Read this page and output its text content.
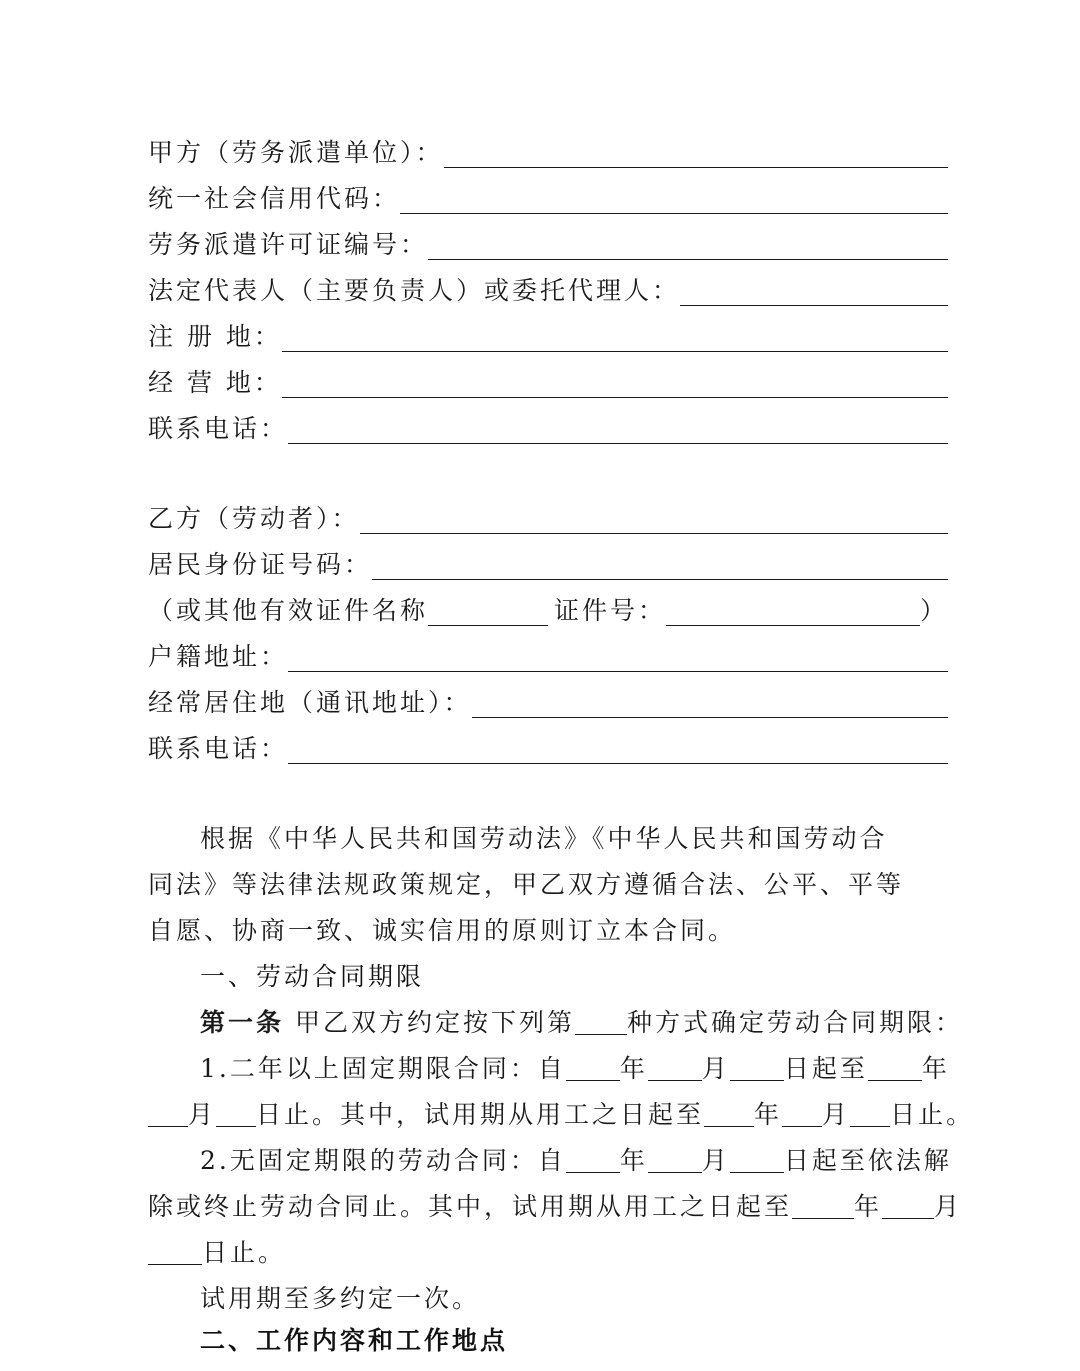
甲方（劳务派遣单位）：
统一社会信用代码：
劳务派遣许可证编号：
法定代表人（主要负责人）或委托代理人：
注 册 地：
经 营 地：
联系电话：
乙方（劳动者）：
居民身份证号码：
（或其他有效证件名称	证件号：	）
户籍地址：
经常居住地（通讯地址）：
联系电话：
根据《中华人民共和国劳动法》《中华人民共和国劳动合
同法》等法律法规政策规定，甲乙双方遵循合法、公平、平等
自愿、协商一致、诚实信用的原则订立本合同。
一、劳动合同期限
第一条 甲乙双方约定按下列第 种方式确定劳动合同期限：
1.二年以上固定期限合同：自 年 月 日起至 年
月 日止。其中，试用期从用工之日起至 年 月 日止。
2.无固定期限的劳动合同：自 年 月 日起至依法解
除或终止劳动合同止。其中，试用期从用工之日起至 年 月
日止。
试用期至多约定一次。
二、工作内容和工作地点
